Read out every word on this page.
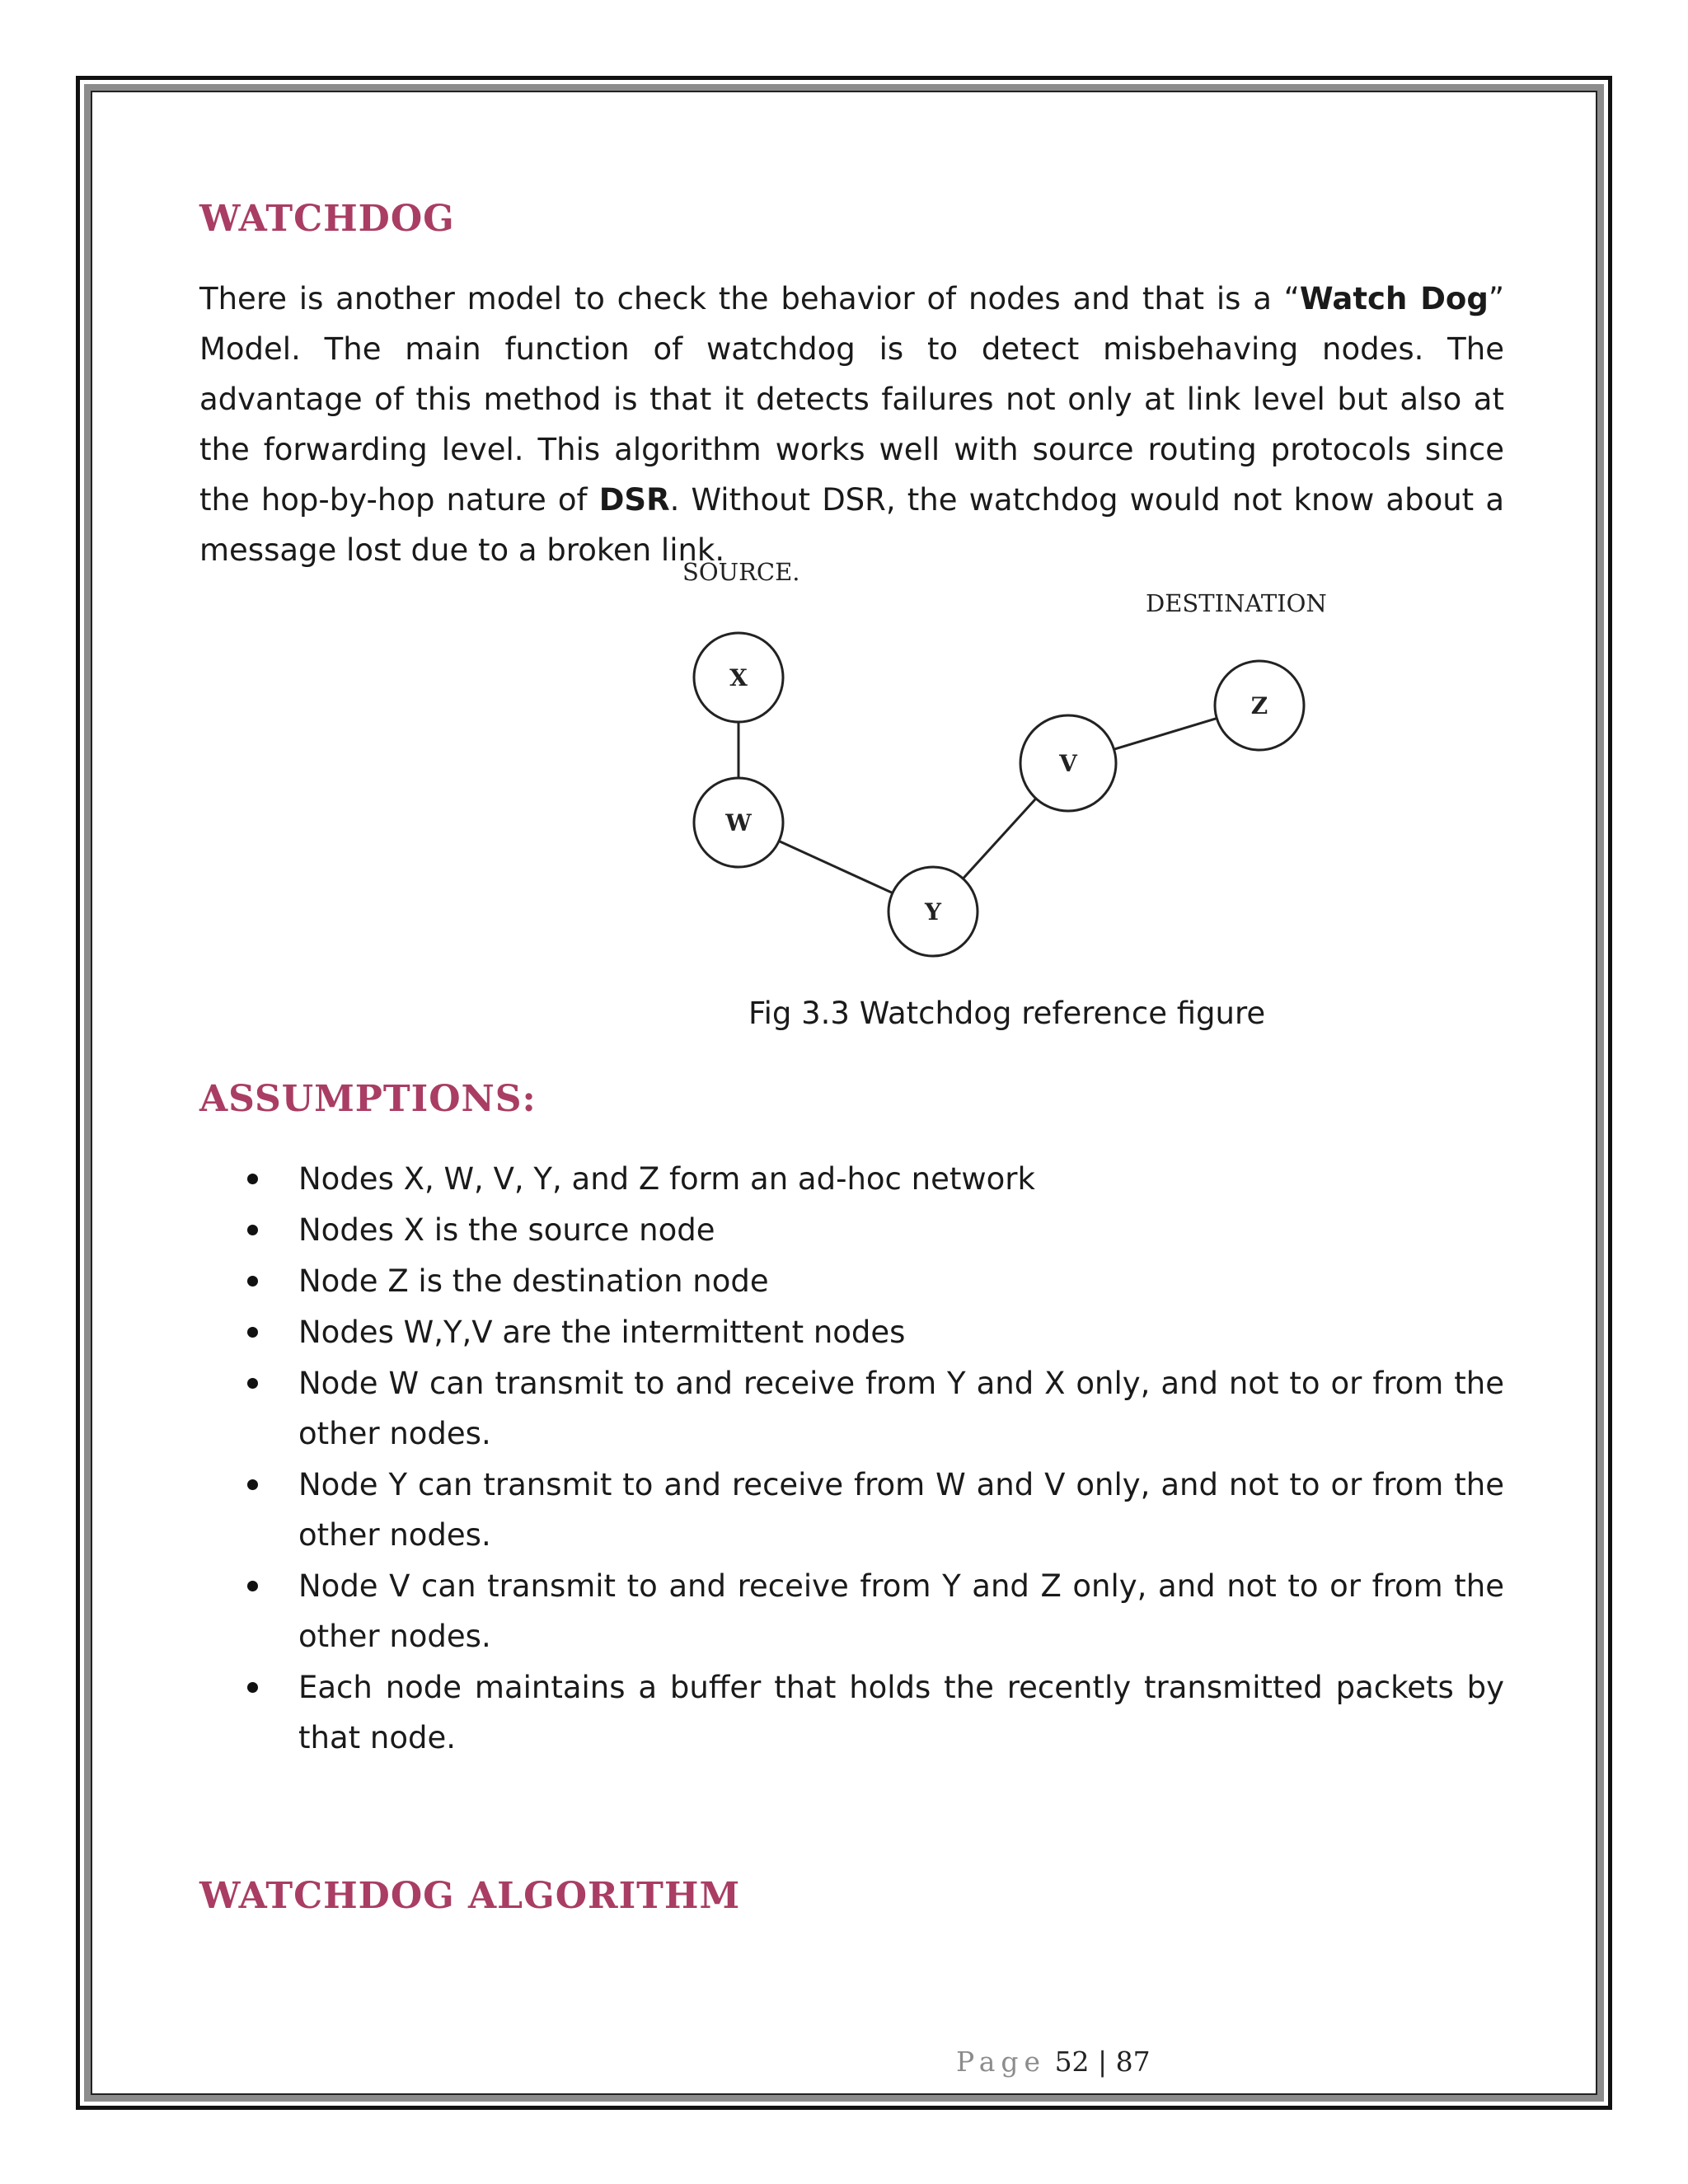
WATCHDOG

There is another model to check the behavior of nodes and that is a “Watch Dog” Model. The main function of watchdog is to detect misbehaving nodes. The advantage of this method is that it detects failures not only at link level but also at the forwarding level. This algorithm works well with source routing protocols since the hop-by-hop nature of DSR. Without DSR, the watchdog would not know about a message lost due to a broken link.

X
W
Y
V
Z
SOURCE.
DESTINATION

Fig 3.3 Watchdog reference figure

ASSUMPTIONS:
Nodes X, W, V, Y, and Z form an ad-hoc network
Nodes X is the source node
Node Z is the destination node
Nodes W,Y,V are the intermittent nodes
Node W can transmit to and receive from Y and X only, and not to or from the other nodes.
Node Y can transmit to and receive from W and V only, and not to or from the other nodes.
Node V can transmit to and receive from Y and Z only, and not to or from the other nodes.
Each node maintains a buffer that holds the recently transmitted packets by that node.
WATCHDOG ALGORITHM
Page 52 | 87
